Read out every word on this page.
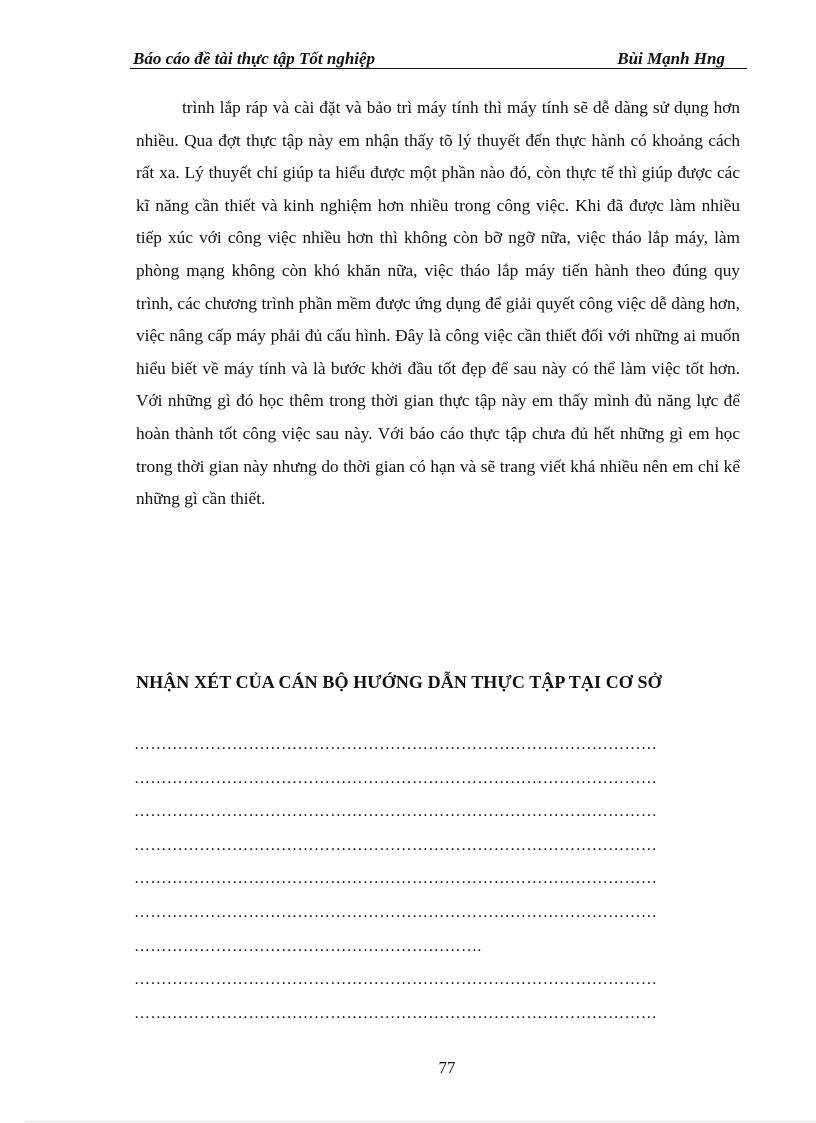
Báo cáo đề tài thực tập Tốt nghiệp	Bùi Mạnh Hng

trình lắp ráp và cài đặt và bảo trì máy tính thì máy tính sẽ dễ dàng sử dụng hơn nhiều. Qua đợt thực tập này em nhận thấy tõ lý thuyết đến thực hành có khoảng cách rất xa. Lý thuyết chỉ giúp ta hiểu được một phần nào đó, còn thực tế thì giúp được các kĩ năng cần thiết và kinh nghiệm hơn nhiều trong công việc. Khi đã được làm nhiều tiếp xúc với công việc nhiều hơn thì không còn bỡ ngỡ nữa, việc tháo lắp máy, làm phòng mạng không còn khó khăn nữa, việc tháo lắp máy tiến hành theo đúng quy trình, các chương trình phần mềm được ứng dụng để giải quyết công việc dễ dàng hơn, việc nâng cấp máy phải đủ cấu hình. Đây là công việc cần thiết đối với những ai muốn hiểu biết về máy tính và là bước khởi đầu tốt đẹp để sau này có thể làm việc tốt hơn. Với những gì đó học thêm trong thời gian thực tập này em thấy mình đủ năng lực để hoàn thành tốt công việc sau này. Với báo cáo thực tập chưa đủ hết những gì em học trong thời gian này nhưng do thời gian có hạn và sẽ trang viết khá nhiều nên em chỉ kể những gì cần thiết.

NHẬN XÉT CỦA CÁN BỘ HƯỚNG DẪN THỰC TẬP TẠI CƠ SỞ
……………………………………………………………………………………
……………………………………………………………………………………
……………………………………………………………………………………
……………………………………………………………………………………
……………………………………………………………………………………
……………………………………………………………………………………
……………………………………………………….
……………………………………………………………………………………
……………………………………………………………………………………
77
